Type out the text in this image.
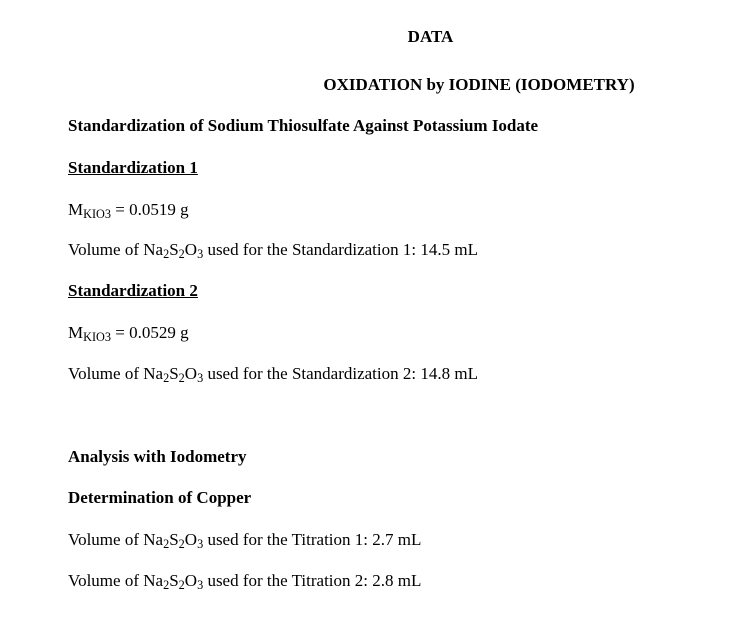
DATA
OXIDATION by IODINE (IODOMETRY)
Standardization of Sodium Thiosulfate Against Potassium Iodate
Standardization 1
$M_{KIO3} = 0.0519$ g
Volume of $Na_2S_2O_3$ used for the Standardization 1: 14.5 mL
Standardization 2
$M_{KIO3} = 0.0529$ g
Volume of $Na_2S_2O_3$ used for the Standardization 2: 14.8 mL
Analysis with Iodometry
Determination of Copper
Volume of $Na_2S_2O_3$ used for the Titration 1: 2.7 mL
Volume of $Na_2S_2O_3$ used for the Titration 2: 2.8 mL
